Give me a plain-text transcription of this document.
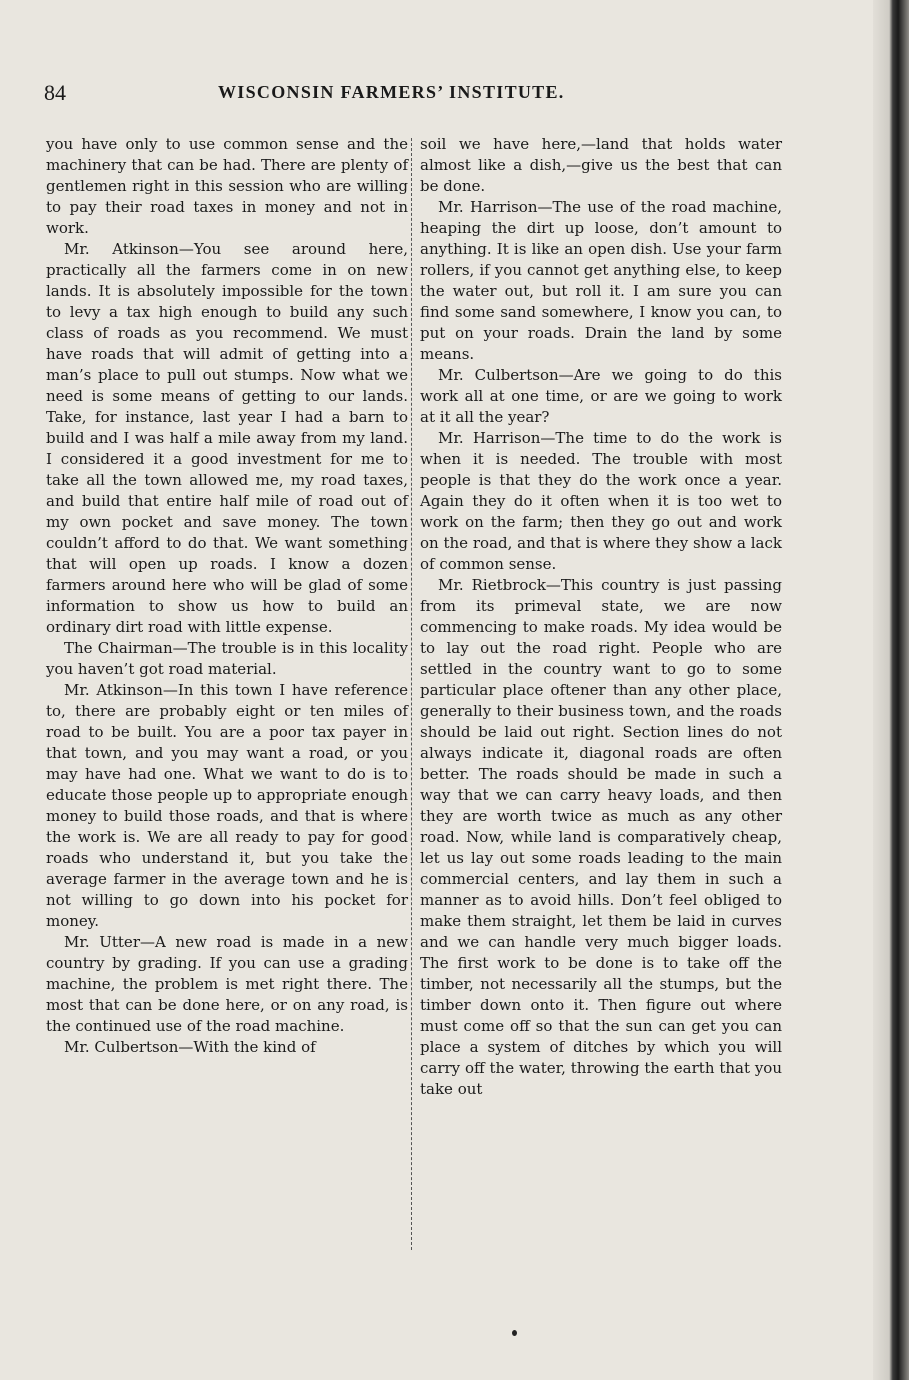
84	WISCONSIN FARMERS’ INSTITUTE.

you have only to use common sense and the machinery that can be had. There are plenty of gentlemen right in this session who are willing to pay their road taxes in money and not in work.

Mr. Atkinson—You see around here, practically all the farmers come in on new lands. It is absolutely impossible for the town to levy a tax high enough to build any such class of roads as you recommend. We must have roads that will admit of getting into a man’s place to pull out stumps. Now what we need is some means of getting to our lands. Take, for instance, last year I had a barn to build and I was half a mile away from my land. I considered it a good investment for me to take all the town allowed me, my road taxes, and build that entire half mile of road out of my own pocket and save money. The town couldn’t afford to do that. We want something that will open up roads. I know a dozen farmers around here who will be glad of some information to show us how to build an ordinary dirt road with little expense.

The Chairman—The trouble is in this locality you haven’t got road material.

Mr. Atkinson—In this town I have reference to, there are probably eight or ten miles of road to be built. You are a poor tax payer in that town, and you may want a road, or you may have had one. What we want to do is to educate those people up to appropriate enough money to build those roads, and that is where the work is. We are all ready to pay for good roads who understand it, but you take the average farmer in the average town and he is not willing to go down into his pocket for money.

Mr. Utter—A new road is made in a new country by grading. If you can use a grading machine, the problem is met right there. The most that can be done here, or on any road, is the continued use of the road machine.

Mr. Culbertson—With the kind of

soil we have here,—land that holds water almost like a dish,—give us the best that can be done.

Mr. Harrison—The use of the road machine, heaping the dirt up loose, don’t amount to anything. It is like an open dish. Use your farm rollers, if you cannot get anything else, to keep the water out, but roll it. I am sure you can find some sand somewhere, I know you can, to put on your roads. Drain the land by some means.

Mr. Culbertson—Are we going to do this work all at one time, or are we going to work at it all the year?

Mr. Harrison—The time to do the work is when it is needed. The trouble with most people is that they do the work once a year. Again they do it often when it is too wet to work on the farm; then they go out and work on the road, and that is where they show a lack of common sense.

Mr. Rietbrock—This country is just passing from its primeval state, we are now commencing to make roads. My idea would be to lay out the road right. People who are settled in the country want to go to some particular place oftener than any other place, generally to their business town, and the roads should be laid out right. Section lines do not always indicate it, diagonal roads are often better. The roads should be made in such a way that we can carry heavy loads, and then they are worth twice as much as any other road. Now, while land is comparatively cheap, let us lay out some roads leading to the main commercial centers, and lay them in such a manner as to avoid hills. Don’t feel obliged to make them straight, let them be laid in curves and we can handle very much bigger loads. The first work to be done is to take off the timber, not necessarily all the stumps, but the timber down onto it. Then figure out where must come off so that the sun can get you can place a system of ditches by which you will carry off the water, throwing the earth that you take out
